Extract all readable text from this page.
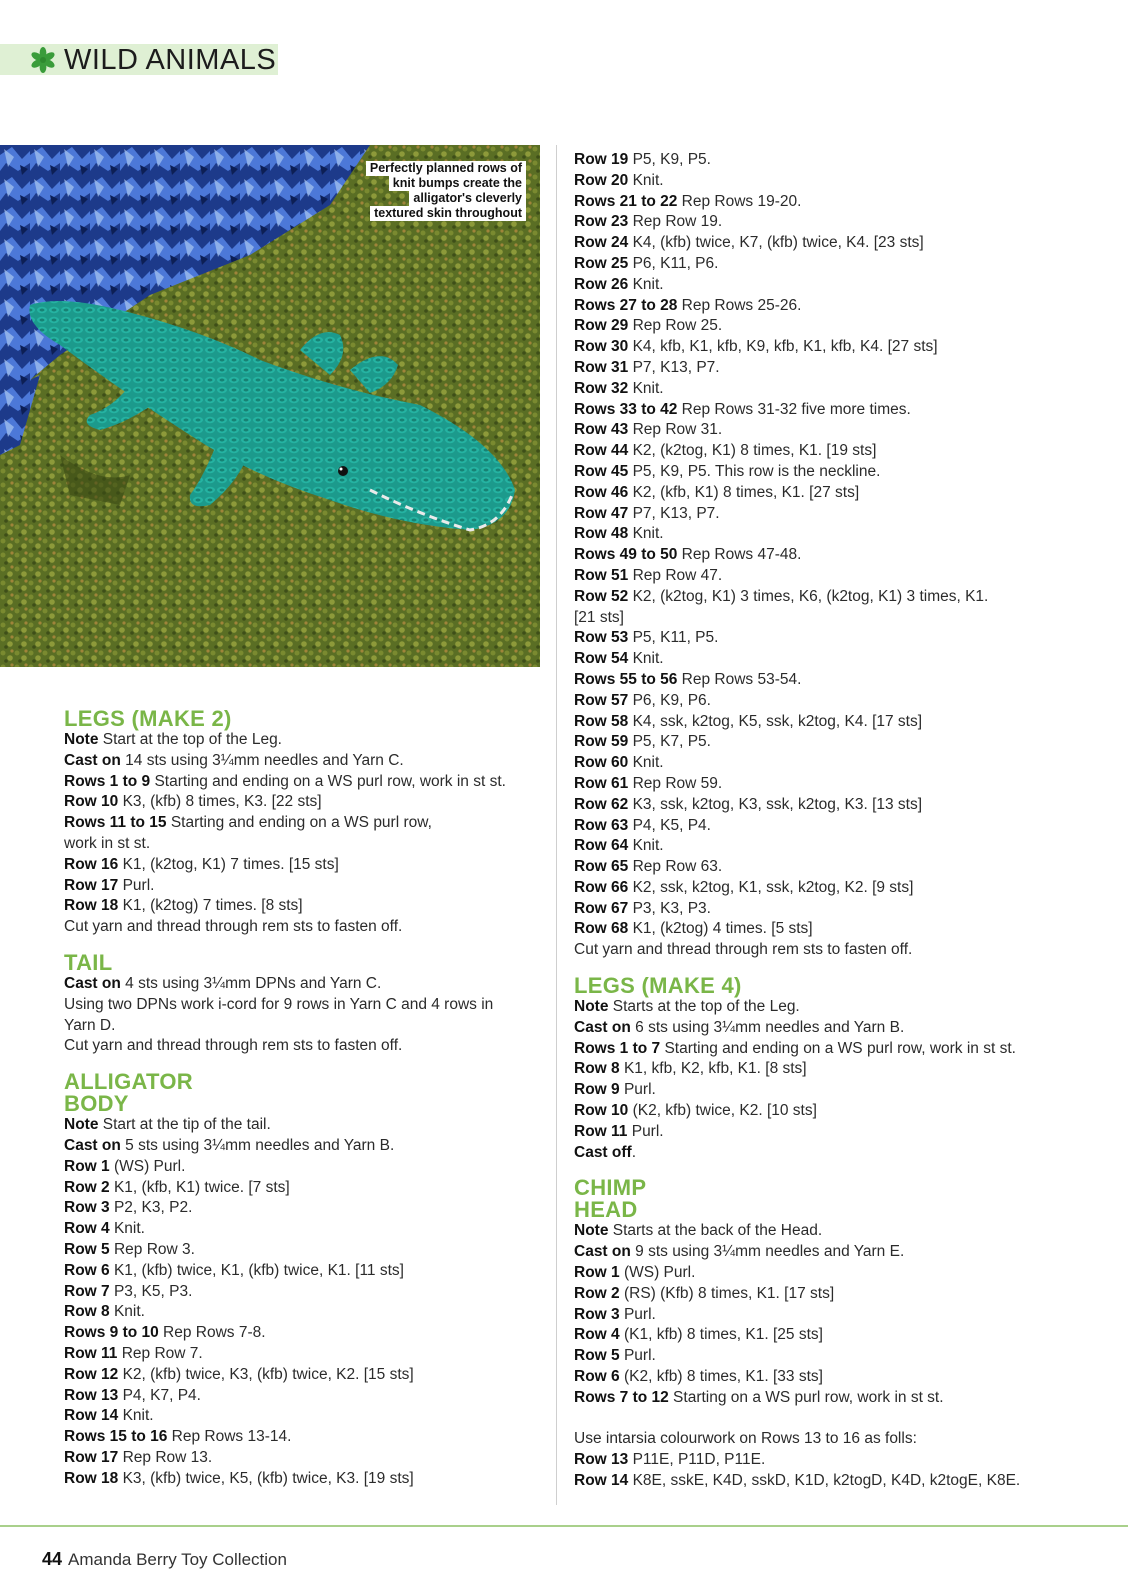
WILD ANIMALS
Perfectly planned rows of
knit bumps create the
alligator's cleverly
textured skin throughout
LEGS (MAKE 2)
Note Start at the top of the Leg.
Cast on 14 sts using 3¼mm needles and Yarn C.
Rows 1 to 9 Starting and ending on a WS purl row, work in st st.
Row 10 K3, (kfb) 8 times, K3. [22 sts]
Rows 11 to 15 Starting and ending on a WS purl row,
work in st st.
Row 16 K1, (k2tog, K1) 7 times. [15 sts]
Row 17 Purl.
Row 18 K1, (k2tog) 7 times. [8 sts]
Cut yarn and thread through rem sts to fasten off.
TAIL
Cast on 4 sts using 3¼mm DPNs and Yarn C.
Using two DPNs work i-cord for 9 rows in Yarn C and 4 rows in
Yarn D.
Cut yarn and thread through rem sts to fasten off.
ALLIGATOR
BODY
Note Start at the tip of the tail.
Cast on 5 sts using 3¼mm needles and Yarn B.
Row 1 (WS) Purl.
Row 2 K1, (kfb, K1) twice. [7 sts]
Row 3 P2, K3, P2.
Row 4 Knit.
Row 5 Rep Row 3.
Row 6 K1, (kfb) twice, K1, (kfb) twice, K1. [11 sts]
Row 7 P3, K5, P3.
Row 8 Knit.
Rows 9 to 10 Rep Rows 7-8.
Row 11 Rep Row 7.
Row 12 K2, (kfb) twice, K3, (kfb) twice, K2. [15 sts]
Row 13 P4, K7, P4.
Row 14 Knit.
Rows 15 to 16 Rep Rows 13-14.
Row 17 Rep Row 13.
Row 18 K3, (kfb) twice, K5, (kfb) twice, K3. [19 sts]
Row 19 P5, K9, P5.
Row 20 Knit.
Rows 21 to 22 Rep Rows 19-20.
Row 23 Rep Row 19.
Row 24 K4, (kfb) twice, K7, (kfb) twice, K4. [23 sts]
Row 25 P6, K11, P6.
Row 26 Knit.
Rows 27 to 28 Rep Rows 25-26.
Row 29 Rep Row 25.
Row 30 K4, kfb, K1, kfb, K9, kfb, K1, kfb, K4. [27 sts]
Row 31 P7, K13, P7.
Row 32 Knit.
Rows 33 to 42 Rep Rows 31-32 five more times.
Row 43 Rep Row 31.
Row 44 K2, (k2tog, K1) 8 times, K1. [19 sts]
Row 45 P5, K9, P5. This row is the neckline.
Row 46 K2, (kfb, K1) 8 times, K1. [27 sts]
Row 47 P7, K13, P7.
Row 48 Knit.
Rows 49 to 50 Rep Rows 47-48.
Row 51 Rep Row 47.
Row 52 K2, (k2tog, K1) 3 times, K6, (k2tog, K1) 3 times, K1.
[21 sts]
Row 53 P5, K11, P5.
Row 54 Knit.
Rows 55 to 56 Rep Rows 53-54.
Row 57 P6, K9, P6.
Row 58 K4, ssk, k2tog, K5, ssk, k2tog, K4. [17 sts]
Row 59 P5, K7, P5.
Row 60 Knit.
Row 61 Rep Row 59.
Row 62 K3, ssk, k2tog, K3, ssk, k2tog, K3. [13 sts]
Row 63 P4, K5, P4.
Row 64 Knit.
Row 65 Rep Row 63.
Row 66 K2, ssk, k2tog, K1, ssk, k2tog, K2. [9 sts]
Row 67 P3, K3, P3.
Row 68 K1, (k2tog) 4 times. [5 sts]
Cut yarn and thread through rem sts to fasten off.
LEGS (MAKE 4)
Note Starts at the top of the Leg.
Cast on 6 sts using 3¼mm needles and Yarn B.
Rows 1 to 7 Starting and ending on a WS purl row, work in st st.
Row 8 K1, kfb, K2, kfb, K1. [8 sts]
Row 9 Purl.
Row 10 (K2, kfb) twice, K2. [10 sts]
Row 11 Purl.
Cast off.
CHIMP
HEAD
Note Starts at the back of the Head.
Cast on 9 sts using 3¼mm needles and Yarn E.
Row 1 (WS) Purl.
Row 2 (RS) (Kfb) 8 times, K1. [17 sts]
Row 3 Purl.
Row 4 (K1, kfb) 8 times, K1. [25 sts]
Row 5 Purl.
Row 6 (K2, kfb) 8 times, K1. [33 sts]
Rows 7 to 12 Starting on a WS purl row, work in st st.
Use intarsia colourwork on Rows 13 to 16 as folls:
Row 13 P11E, P11D, P11E.
Row 14 K8E, sskE, K4D, sskD, K1D, k2togD, K4D, k2togE, K8E.
44 Amanda Berry Toy Collection
